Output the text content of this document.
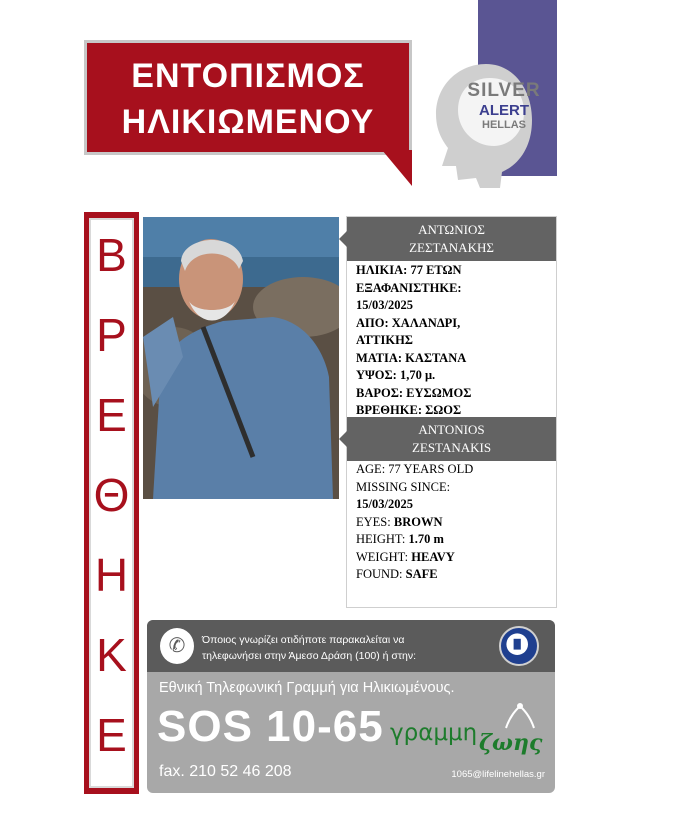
ΕΝΤΟΠΙΣΜΟΣ
ΗΛΙΚΙΩΜΕΝΟΥ
SILVER
ALERT
HELLAS
Β
Ρ
Ε
Θ
Η
Κ
Ε
ΑΝΤΩΝΙΟΣ
ΖΕΣΤΑΝΑΚΗΣ
ΗΛΙΚΙΑ: 77 ΕΤΩΝ
ΕΞΑΦΑΝΙΣΤΗΚΕ:
15/03/2025
ΑΠΟ: ΧΑΛΑΝΔΡΙ,
ΑΤΤΙΚΗΣ
ΜΑΤΙΑ: ΚΑΣΤΑΝΑ
ΥΨΟΣ: 1,70 μ.
ΒΑΡΟΣ: ΕΥΣΩΜΟΣ
ΒΡΕΘΗΚΕ: ΣΩΟΣ
ANTONIOS
ZESTANAKIS
AGE: 77 YEARS OLD
MISSING SINCE:
15/03/2025
EYES: BROWN
HEIGHT: 1.70 m
WEIGHT: HEAVY
FOUND: SAFE
✆	Όποιος γνωρίζει οτιδήποτε παρακαλείται να
τηλεφωνήσει στην Άμεσο Δράση (100) ή στην:
Εθνική Τηλεφωνική Γραμμή για Ηλικιωμένους.
SOS 10-65
fax. 210 52 46 208	1065@lifelinehellas.gr
γραμμη ζωης
